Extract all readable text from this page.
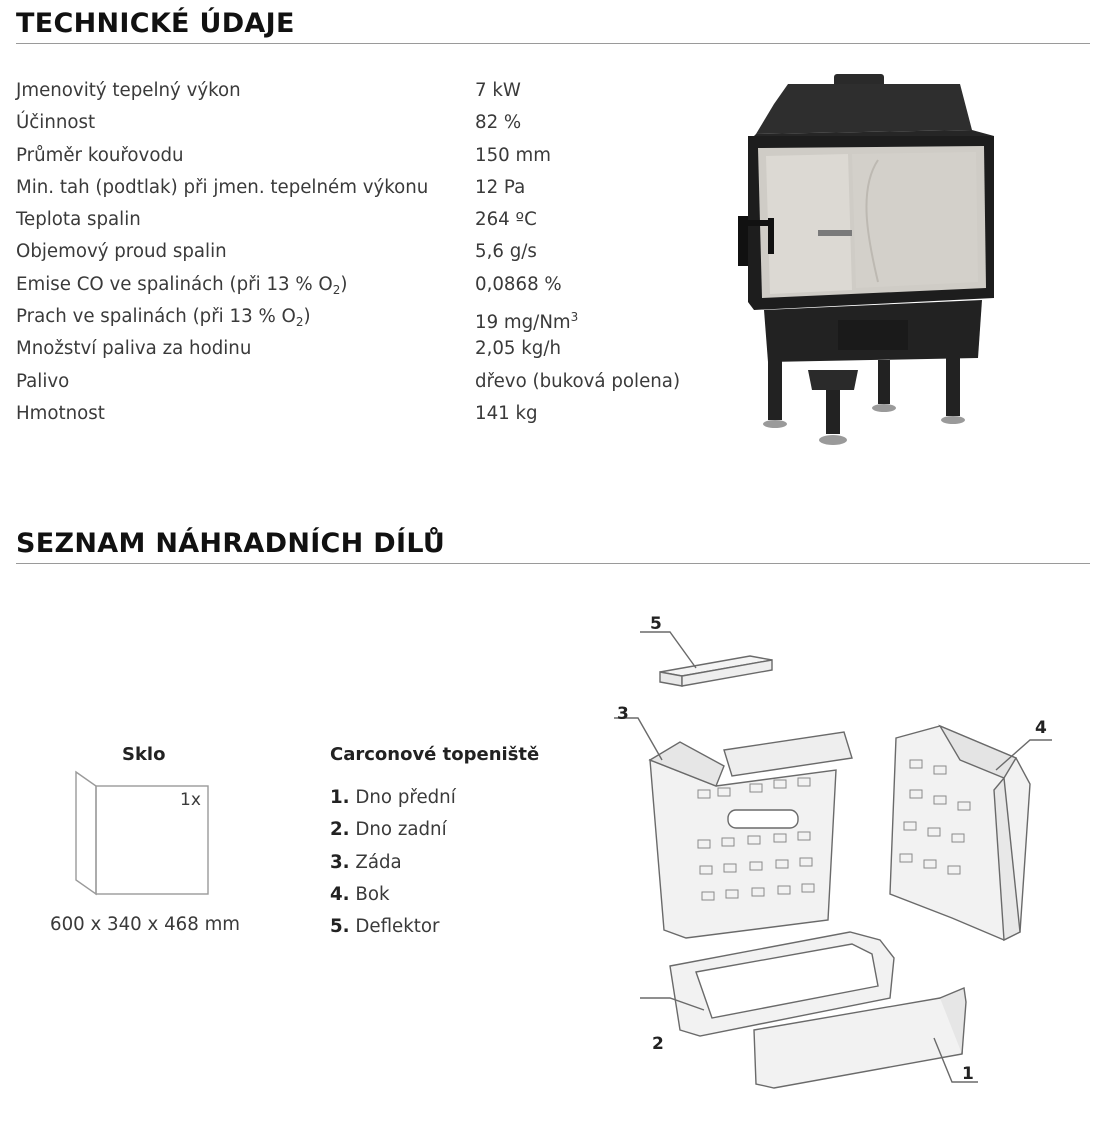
TECHNICKÉ ÚDAJE
Jmenovitý tepelný výkon	7 kW
Účinnost	82 %
Průměr kouřovodu	150 mm
Min. tah (podtlak) při jmen. tepelném výkonu	12 Pa
Teplota spalin	264 ºC
Objemový proud spalin	5,6 g/s
Emise CO ve spalinách (při 13 % $O_2$)	0,0868 %
Prach ve spalinách (při 13 % $O_2$)	19 mg/Nm$^3$
Množství paliva za hodinu	2,05 kg/h
Palivo	dřevo (buková polena)
Hmotnost	141 kg
SEZNAM NÁHRADNÍCH DÍLŮ
Sklo
1x
600 x 340 x 468 mm
Carconové topeniště
1. Dno přední
2. Dno zadní
3. Záda
4. Bok
5. Deflektor
5
3
4
2
1
